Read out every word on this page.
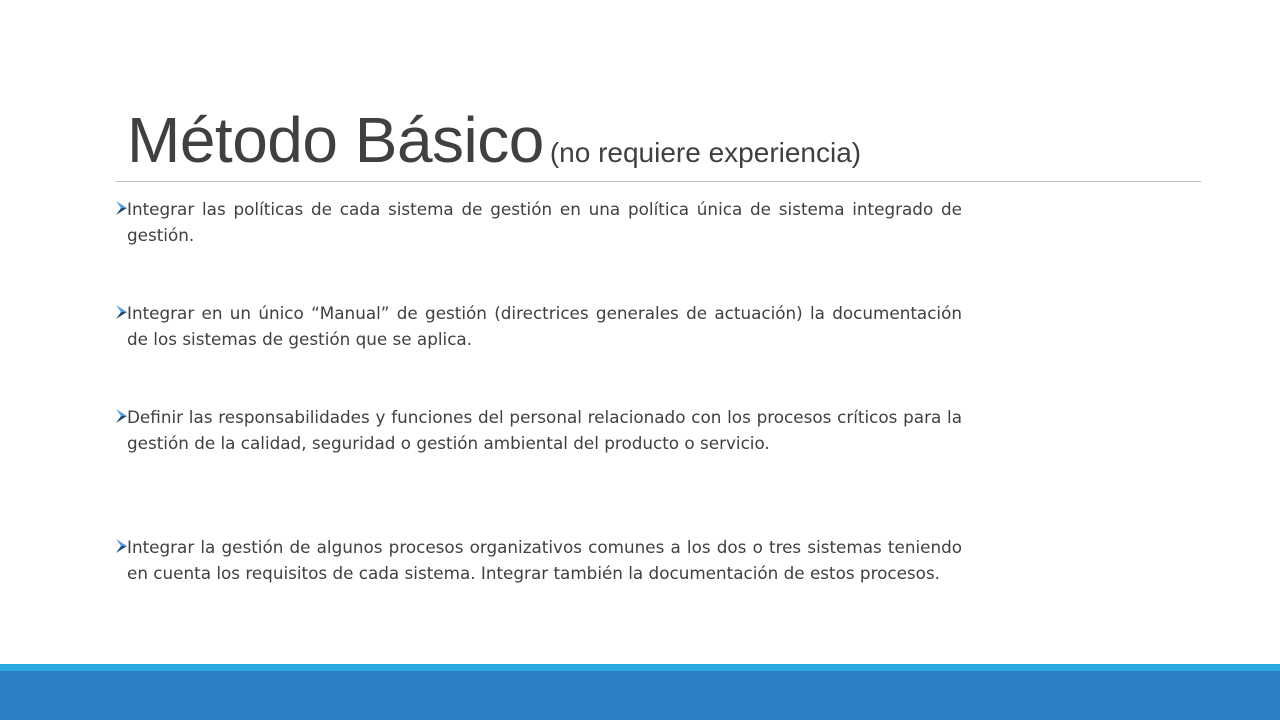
Método Básico (no requiere experiencia)
Integrar las políticas de cada sistema de gestión en una política única de sistema integrado de gestión.
Integrar en un único “Manual” de gestión (directrices generales de actuación) la documentación de los sistemas de gestión que se aplica.
Definir las responsabilidades y funciones del personal relacionado con los procesos críticos para la gestión de la calidad, seguridad o gestión ambiental del producto o servicio.
Integrar la gestión de algunos procesos organizativos comunes a los dos o tres sistemas teniendo en cuenta los requisitos de cada sistema. Integrar también la documentación de estos procesos.
